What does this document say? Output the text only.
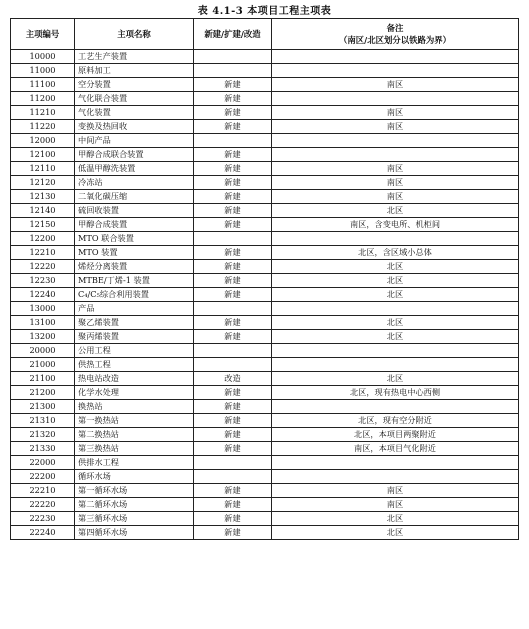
表 4.1-3 本项目工程主项表
主项编号	主项名称	新建/扩建/改造	备注
（南区/北区划分以铁路为界）

10000	工艺生产装置		
11000	原料加工		
11100	空分装置	新建	南区
11200	气化联合装置	新建	
11210	气化装置	新建	南区
11220	变换及热回收	新建	南区
12000	中间产品		
12100	甲醇合成联合装置	新建	
12110	低温甲醇洗装置	新建	南区
12120	冷冻站	新建	南区
12130	二氧化碳压缩	新建	南区
12140	硫回收装置	新建	北区
12150	甲醇合成装置	新建	南区，含变电所、机柜间
12200	MTO 联合装置		
12210	MTO 装置	新建	北区，含区域小总体
12220	烯烃分离装置	新建	北区
12230	MTBE/丁烯-1 装置	新建	北区
12240	C₄/C₅综合利用装置	新建	北区
13000	产品		
13100	聚乙烯装置	新建	北区
13200	聚丙烯装置	新建	北区
20000	公用工程		
21000	供热工程		
21100	热电站改造	改造	北区
21200	化学水处理	新建	北区，现有热电中心西侧
21300	换热站	新建	
21310	第一换热站	新建	北区，现有空分附近
21320	第二换热站	新建	北区，本项目两聚附近
21330	第三换热站	新建	南区，本项目气化附近
22000	供排水工程		
22200	循环水场		
22210	第一循环水场	新建	南区
22220	第二循环水场	新建	南区
22230	第三循环水场	新建	北区
22240	第四循环水场	新建	北区
